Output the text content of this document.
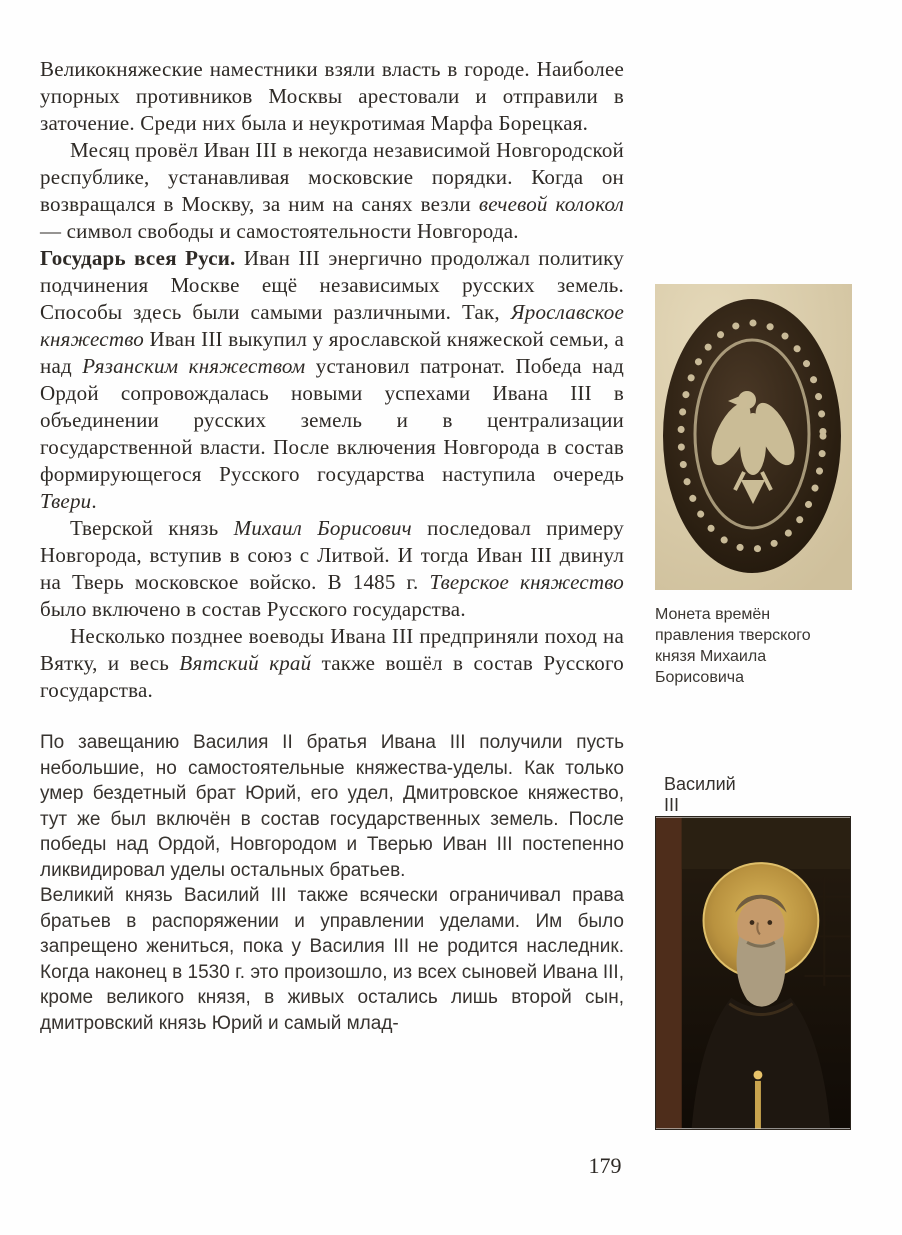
Великокняжеские наместники взяли власть в городе. Наиболее упорных противников Москвы арестовали и отправили в заточение. Среди них была и неукротимая Марфа Борецкая.

Месяц провёл Иван III в некогда независимой Новгородской республике, устанавливая московские порядки. Когда он возвращался в Москву, за ним на санях везли вечевой колокол — символ свободы и самостоятельности Новгорода.

Государь всея Руси. Иван III энергично продолжал политику подчинения Москве ещё независимых русских земель. Способы здесь были самыми различными. Так, Ярославское княжество Иван III выкупил у ярославской княжеской семьи, а над Рязанским княжеством установил патронат. Победа над Ордой сопровождалась новыми успехами Ивана III в объединении русских земель и в централизации государственной власти. После включения Новгорода в состав формирующегося Русского государства наступила очередь Твери.

Тверской князь Михаил Борисович последовал примеру Новгорода, вступив в союз с Литвой. И тогда Иван III двинул на Тверь московское войско. В 1485 г. Тверское княжество было включено в состав Русского государства.

Несколько позднее воеводы Ивана III предприняли поход на Вятку, и весь Вятский край также вошёл в состав Русского государства.

По завещанию Василия II братья Ивана III получили пусть небольшие, но самостоятельные княжества-уделы. Как только умер бездетный брат Юрий, его удел, Дмитровское княжество, тут же был включён в состав государственных земель. После победы над Ордой, Новгородом и Тверью Иван III постепенно ликвидировал уделы остальных братьев.

Великий князь Василий III также всячески ограничивал права братьев в распоряжении и управлении уделами. Им было запрещено жениться, пока у Василия III не родится наследник. Когда наконец в 1530 г. это произошло, из всех сыновей Ивана III, кроме великого князя, в живых остались лишь второй сын, дмитровский князь Юрий и самый млад-

Монета времён правления тверского князя Михаила Борисовича
Василий III
179
